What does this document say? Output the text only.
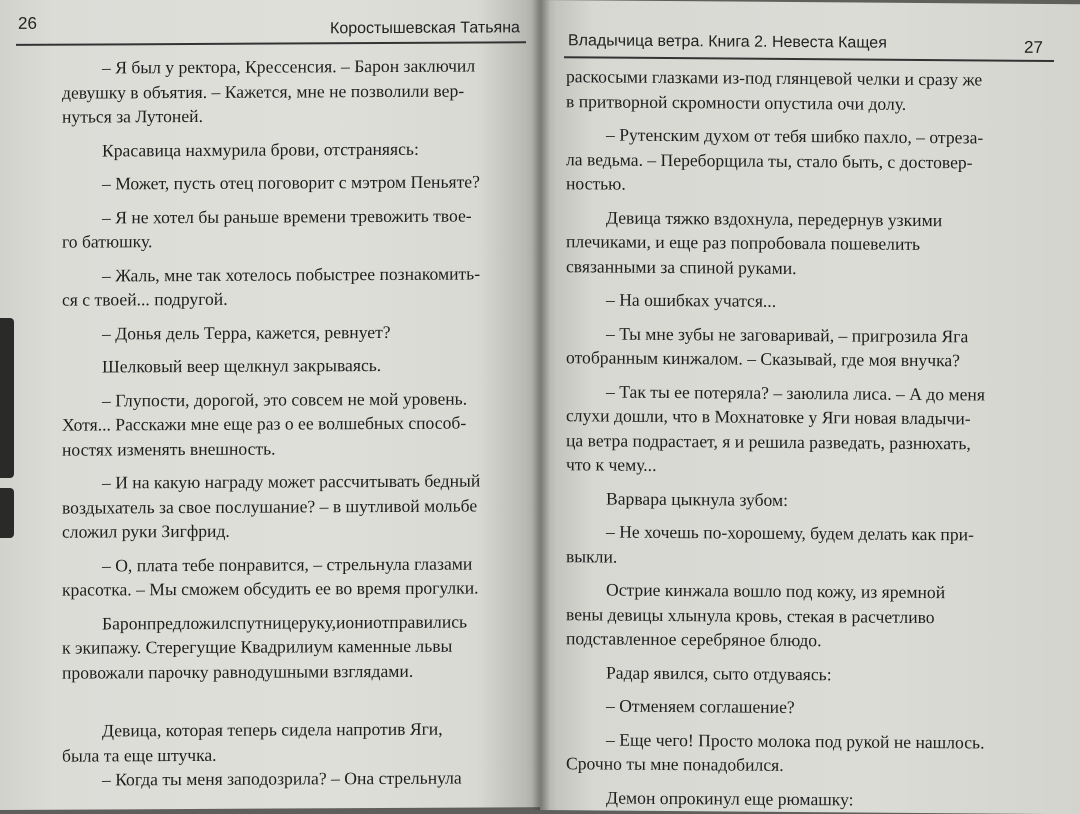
26	Коростышевская Татьяна
– Я был у ректора, Крессенсия. – Барон заключил
девушку в объятия. – Кажется, мне не позволили вер-
нуться за Лутоней.
Красавица нахмурила брови, отстраняясь:
– Может, пусть отец поговорит с мэтром Пеньяте?
– Я не хотел бы раньше времени тревожить твое-
го батюшку.
– Жаль, мне так хотелось побыстрее познакомить-
ся с твоей... подругой.
– Донья дель Терра, кажется, ревнует?
Шелковый веер щелкнул закрываясь.
– Глупости, дорогой, это совсем не мой уровень.
Хотя... Расскажи мне еще раз о ее волшебных способ-
ностях изменять внешность.
– И на какую награду может рассчитывать бедный
воздыхатель за свое послушание? – в шутливой мольбе
сложил руки Зигфрид.
– О, плата тебе понравится, – стрельнула глазами
красотка. – Мы сможем обсудить ее во время прогулки.
Баронпредложилспутницеруку,иониотправились
к экипажу. Стерегущие Квадрилиум каменные львы
провожали парочку равнодушными взглядами.
Девица, которая теперь сидела напротив Яги,
была та еще штучка.
– Когда ты меня заподозрила? – Она стрельнула
Владычица ветра. Книга 2. Невеста Кащея	27
раскосыми глазками из-под глянцевой челки и сразу же
в притворной скромности опустила очи долу.
– Рутенским духом от тебя шибко пахло, – отреза-
ла ведьма. – Переборщила ты, стало быть, с достовер-
ностью.
Девица тяжко вздохнула, передернув узкими
плечиками, и еще раз попробовала пошевелить
связанными за спиной руками.
– На ошибках учатся...
– Ты мне зубы не заговаривай, – пригрозила Яга
отобранным кинжалом. – Сказывай, где моя внучка?
– Так ты ее потеряла? – заюлила лиса. – А до меня
слухи дошли, что в Мохнатовке у Яги новая владычи-
ца ветра подрастает, я и решила разведать, разнюхать,
что к чему...
Варвара цыкнула зубом:
– Не хочешь по-хорошему, будем делать как при-
выкли.
Острие кинжала вошло под кожу, из яремной
вены девицы хлынула кровь, стекая в расчетливо
подставленное серебряное блюдо.
Радар явился, сыто отдуваясь:
– Отменяем соглашение?
– Еще чего! Просто молока под рукой не нашлось.
Срочно ты мне понадобился.
Демон опрокинул еще рюмашку:
